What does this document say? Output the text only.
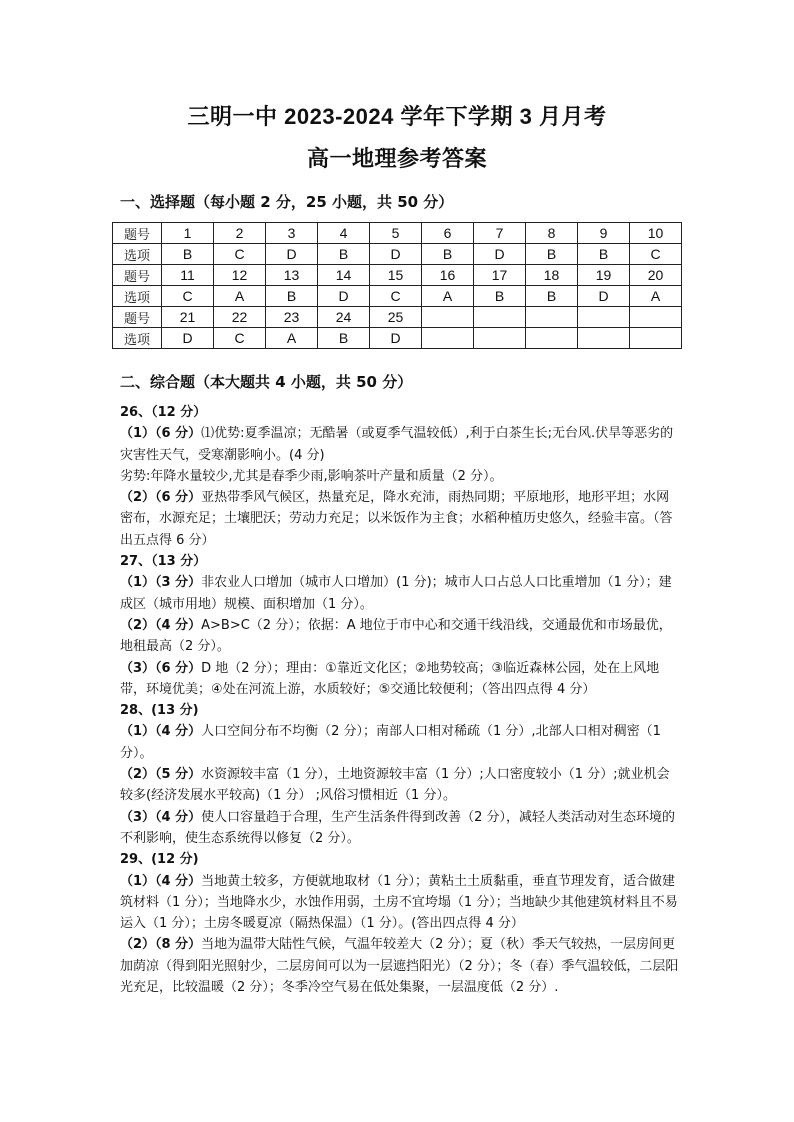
三明一中 2023-2024 学年下学期 3 月月考
高一地理参考答案
一、选择题（每小题 2 分，25 小题，共 50 分）
题号	1	2	3	4	5	6	7	8	9	10
选项	B	C	D	B	D	B	D	B	B	C
题号	11	12	13	14	15	16	17	18	19	20
选项	C	A	B	D	C	A	B	B	D	A
题号	21	22	23	24	25					
选项	D	C	A	B	D					
二、综合题（本大题共 4 小题，共 50 分）

26、（12 分）

（1）（6 分）⑴优势:夏季温凉；无酷暑（或夏季气温较低）,利于白茶生长;无台风.伏旱等恶劣的灾害性天气，受寒潮影响小。(4 分)

劣势:年降水量较少,尤其是春季少雨,影响茶叶产量和质量（2 分）。

（2）（6 分）亚热带季风气候区，热量充足，降水充沛，雨热同期；平原地形，地形平坦；水网密布，水源充足；土壤肥沃；劳动力充足；以米饭作为主食；水稻种植历史悠久，经验丰富。（答出五点得 6 分）

27、（13 分）

（1）（3 分）非农业人口增加（城市人口增加）(1 分)；城市人口占总人口比重增加（1 分）；建成区（城市用地）规模、面积增加（1 分）。

（2）（4 分）A>B>C（2 分）；依据：A 地位于市中心和交通干线沿线，交通最优和市场最优，地租最高（2 分）。

（3）（6 分）D 地（2 分）；理由：①靠近文化区；②地势较高；③临近森林公园，处在上风地带，环境优美；④处在河流上游，水质较好；⑤交通比较便利；（答出四点得 4 分）

28、(13 分)

（1）（4 分）人口空间分布不均衡（2 分）；南部人口相对稀疏（1 分）,北部人口相对稠密（1 分）。

（2）（5 分）水资源较丰富（1 分），土地资源较丰富（1 分）;人口密度较小（1 分）;就业机会较多(经济发展水平较高)（1 分） ;风俗习惯相近（1 分）。

（3）（4 分）使人口容量趋于合理，生产生活条件得到改善（2 分），减轻人类活动对生态环境的不利影响，使生态系统得以修复（2 分）。

29、(12 分)

（1）（4 分）当地黄土较多，方便就地取材（1 分）；黄粘土土质黏重，垂直节理发育，适合做建筑材料（1 分）；当地降水少，水蚀作用弱，土房不宜垮塌（1 分）；当地缺少其他建筑材料且不易运入（1 分）；土房冬暖夏凉（隔热保温）（1 分）。(答出四点得 4 分）

（2）（8 分）当地为温带大陆性气候，气温年较差大（2 分）；夏（秋）季天气较热，一层房间更加荫凉（得到阳光照射少，二层房间可以为一层遮挡阳光）（2 分）；冬（春）季气温较低，二层阳光充足，比较温暖（2 分）；冬季冷空气易在低处集聚，一层温度低（2 分）.
